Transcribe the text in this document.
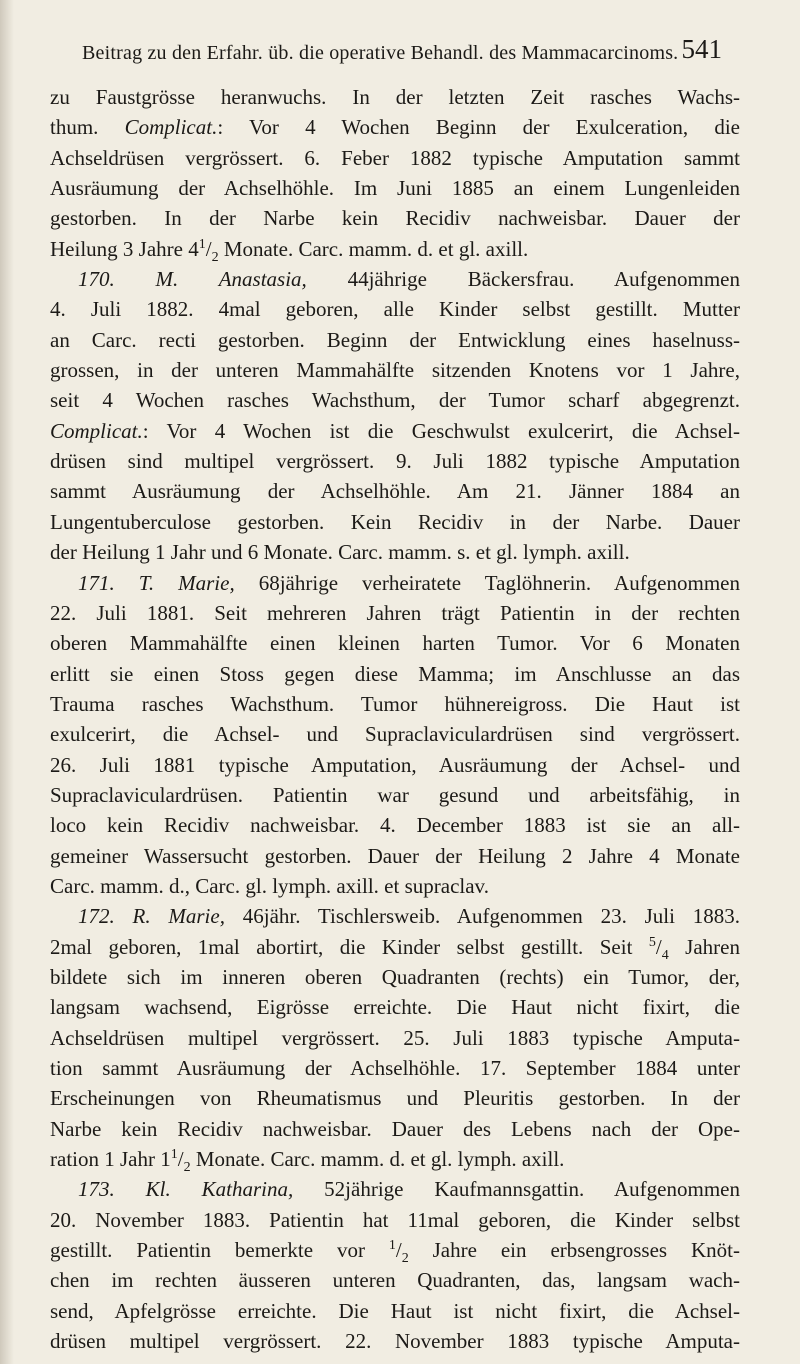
Beitrag zu den Erfahr. üb. die operative Behandl. des Mammacarcinoms. 541
zu Faustgrösse heranwuchs. In der letzten Zeit rasches Wachs-
thum. Complicat.: Vor 4 Wochen Beginn der Exulceration, die
Achseldrüsen vergrössert. 6. Feber 1882 typische Amputation sammt
Ausräumung der Achselhöhle. Im Juni 1885 an einem Lungenleiden
gestorben. In der Narbe kein Recidiv nachweisbar. Dauer der
Heilung 3 Jahre $4^1/_2$ Monate. Carc. mamm. d. et gl. axill.
170. M. Anastasia, 44jährige Bäckersfrau. Aufgenommen
4. Juli 1882. 4mal geboren, alle Kinder selbst gestillt. Mutter
an Carc. recti gestorben. Beginn der Entwicklung eines haselnuss-
grossen, in der unteren Mammahälfte sitzenden Knotens vor 1 Jahre,
seit 4 Wochen rasches Wachsthum, der Tumor scharf abgegrenzt.
Complicat.: Vor 4 Wochen ist die Geschwulst exulcerirt, die Achsel-
drüsen sind multipel vergrössert. 9. Juli 1882 typische Amputation
sammt Ausräumung der Achselhöhle. Am 21. Jänner 1884 an
Lungentuberculose gestorben. Kein Recidiv in der Narbe. Dauer
der Heilung 1 Jahr und 6 Monate. Carc. mamm. s. et gl. lymph. axill.
171. T. Marie, 68jährige verheiratete Taglöhnerin. Aufgenommen
22. Juli 1881. Seit mehreren Jahren trägt Patientin in der rechten
oberen Mammahälfte einen kleinen harten Tumor. Vor 6 Monaten
erlitt sie einen Stoss gegen diese Mamma; im Anschlusse an das
Trauma rasches Wachsthum. Tumor hühnereigross. Die Haut ist
exulcerirt, die Achsel- und Supraclaviculardrüsen sind vergrössert.
26. Juli 1881 typische Amputation, Ausräumung der Achsel- und
Supraclaviculardrüsen. Patientin war gesund und arbeitsfähig, in
loco kein Recidiv nachweisbar. 4. December 1883 ist sie an all-
gemeiner Wassersucht gestorben. Dauer der Heilung 2 Jahre 4 Monate
Carc. mamm. d., Carc. gl. lymph. axill. et supraclav.
172. R. Marie, 46jähr. Tischlersweib. Aufgenommen 23. Juli 1883.
2mal geboren, 1mal abortirt, die Kinder selbst gestillt. Seit $^5/_4$ Jahren
bildete sich im inneren oberen Quadranten (rechts) ein Tumor, der,
langsam wachsend, Eigrösse erreichte. Die Haut nicht fixirt, die
Achseldrüsen multipel vergrössert. 25. Juli 1883 typische Amputa-
tion sammt Ausräumung der Achselhöhle. 17. September 1884 unter
Erscheinungen von Rheumatismus und Pleuritis gestorben. In der
Narbe kein Recidiv nachweisbar. Dauer des Lebens nach der Ope-
ration 1 Jahr $1^1/_2$ Monate. Carc. mamm. d. et gl. lymph. axill.
173. Kl. Katharina, 52jährige Kaufmannsgattin. Aufgenommen
20. November 1883. Patientin hat 11mal geboren, die Kinder selbst
gestillt. Patientin bemerkte vor $^1/_2$ Jahre ein erbsengrosses Knöt-
chen im rechten äusseren unteren Quadranten, das, langsam wach-
send, Apfelgrösse erreichte. Die Haut ist nicht fixirt, die Achsel-
drüsen multipel vergrössert. 22. November 1883 typische Amputa-
